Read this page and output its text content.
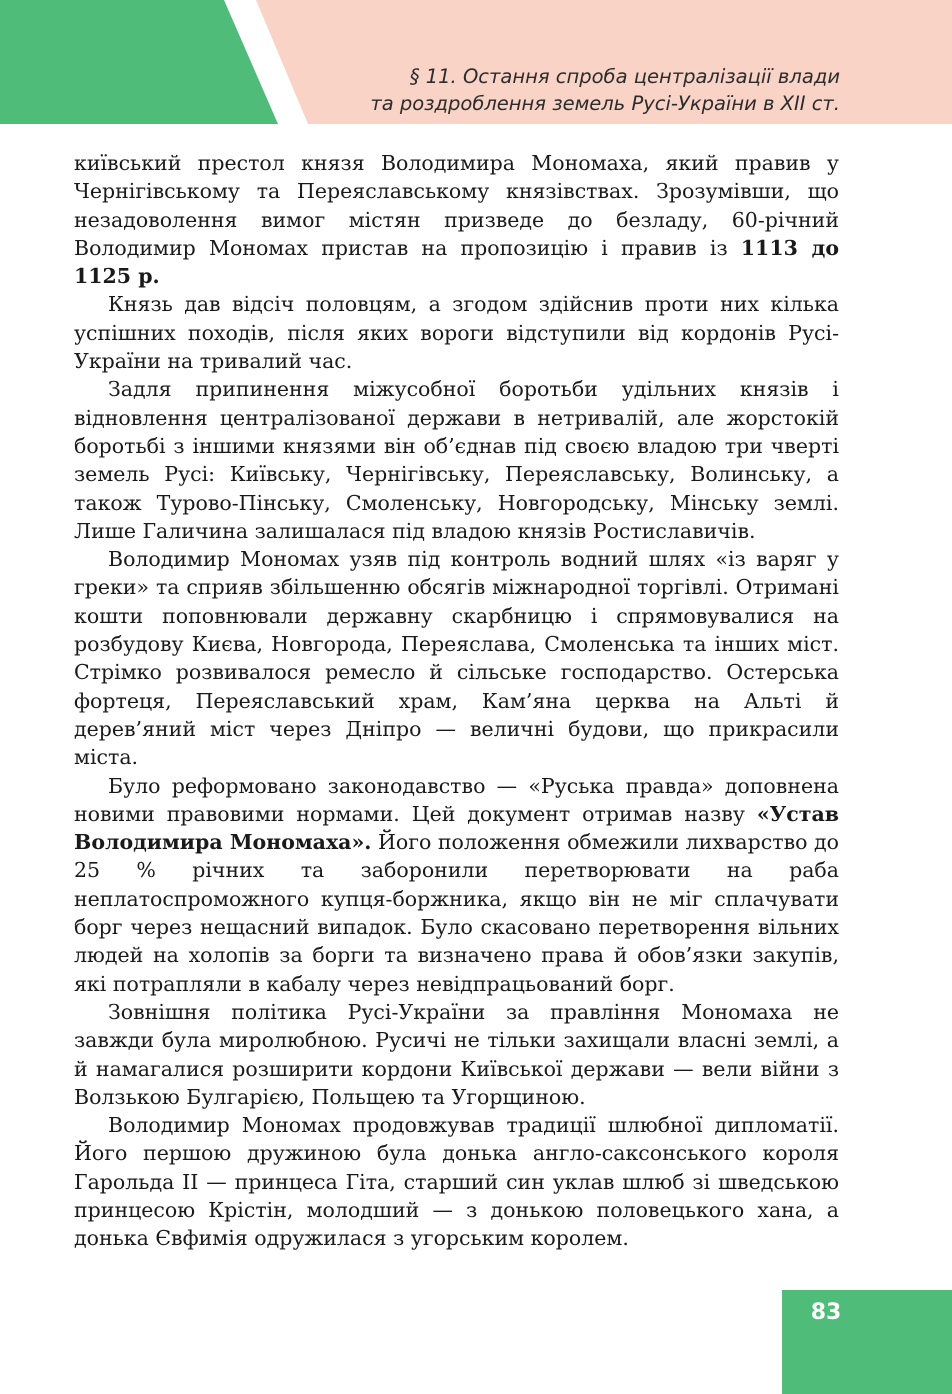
§ 11. Остання спроба централізації влади
та роздроблення земель Русі-України в ХІІ ст.

київський престол князя Володимира Мономаха, який правив у Чернігівському та Переяславському князівствах. Зрозумівши, що незадоволення вимог містян призведе до безладу, 60-річний Володимир Мономах пристав на пропозицію і правив із 1113 до 1125 р.

Князь дав відсіч половцям, а згодом здійснив проти них кілька успішних походів, після яких вороги відступили від кордонів Русі-України на тривалий час.

Задля припинення міжусобної боротьби удільних князів і відновлення централізованої держави в нетривалій, але жорстокій боротьбі з іншими князями він об’єднав під своєю владою три чверті земель Русі: Київську, Чернігівську, Переяславську, Волинську, а також Турово-Пінську, Смоленську, Новгородську, Мінську землі. Лише Галичина залишалася під владою князів Ростиславичів.

Володимир Мономах узяв під контроль водний шлях «із варяг у греки» та сприяв збільшенню обсягів міжнародної торгівлі. Отримані кошти поповнювали державну скарбницю і спрямовувалися на розбудову Києва, Новгорода, Переяслава, Смоленська та інших міст. Стрімко розвивалося ремесло й сільське господарство. Остерська фортеця, Переяславський храм, Кам’яна церква на Альті й дерев’яний міст через Дніпро — величні будови, що прикрасили міста.

Було реформовано законодавство — «Руська правда» доповнена новими правовими нормами. Цей документ отримав назву «Устав Володимира Мономаха». Його положення обмежили лихварство до 25 % річних та заборонили перетворювати на раба неплатоспроможного купця-боржника, якщо він не міг сплачувати борг через нещасний випадок. Було скасовано перетворення вільних людей на холопів за борги та визначено права й обов’язки закупів, які потрапляли в кабалу через невідпрацьований борг.

Зовнішня політика Русі-України за правління Мономаха не завжди була миролюбною. Русичі не тільки захищали власні землі, а й намагалися розширити кордони Київської держави — вели війни з Волзькою Булгарією, Польщею та Угорщиною.

Володимир Мономах продовжував традиції шлюбної дипломатії. Його першою дружиною була донька англо-саксонського короля Гарольда ІІ — принцеса Гіта, старший син уклав шлюб зі шведською принцесою Крістін, молодший — з донькою половецького хана, а донька Євфимія одружилася з угорським королем.

83
